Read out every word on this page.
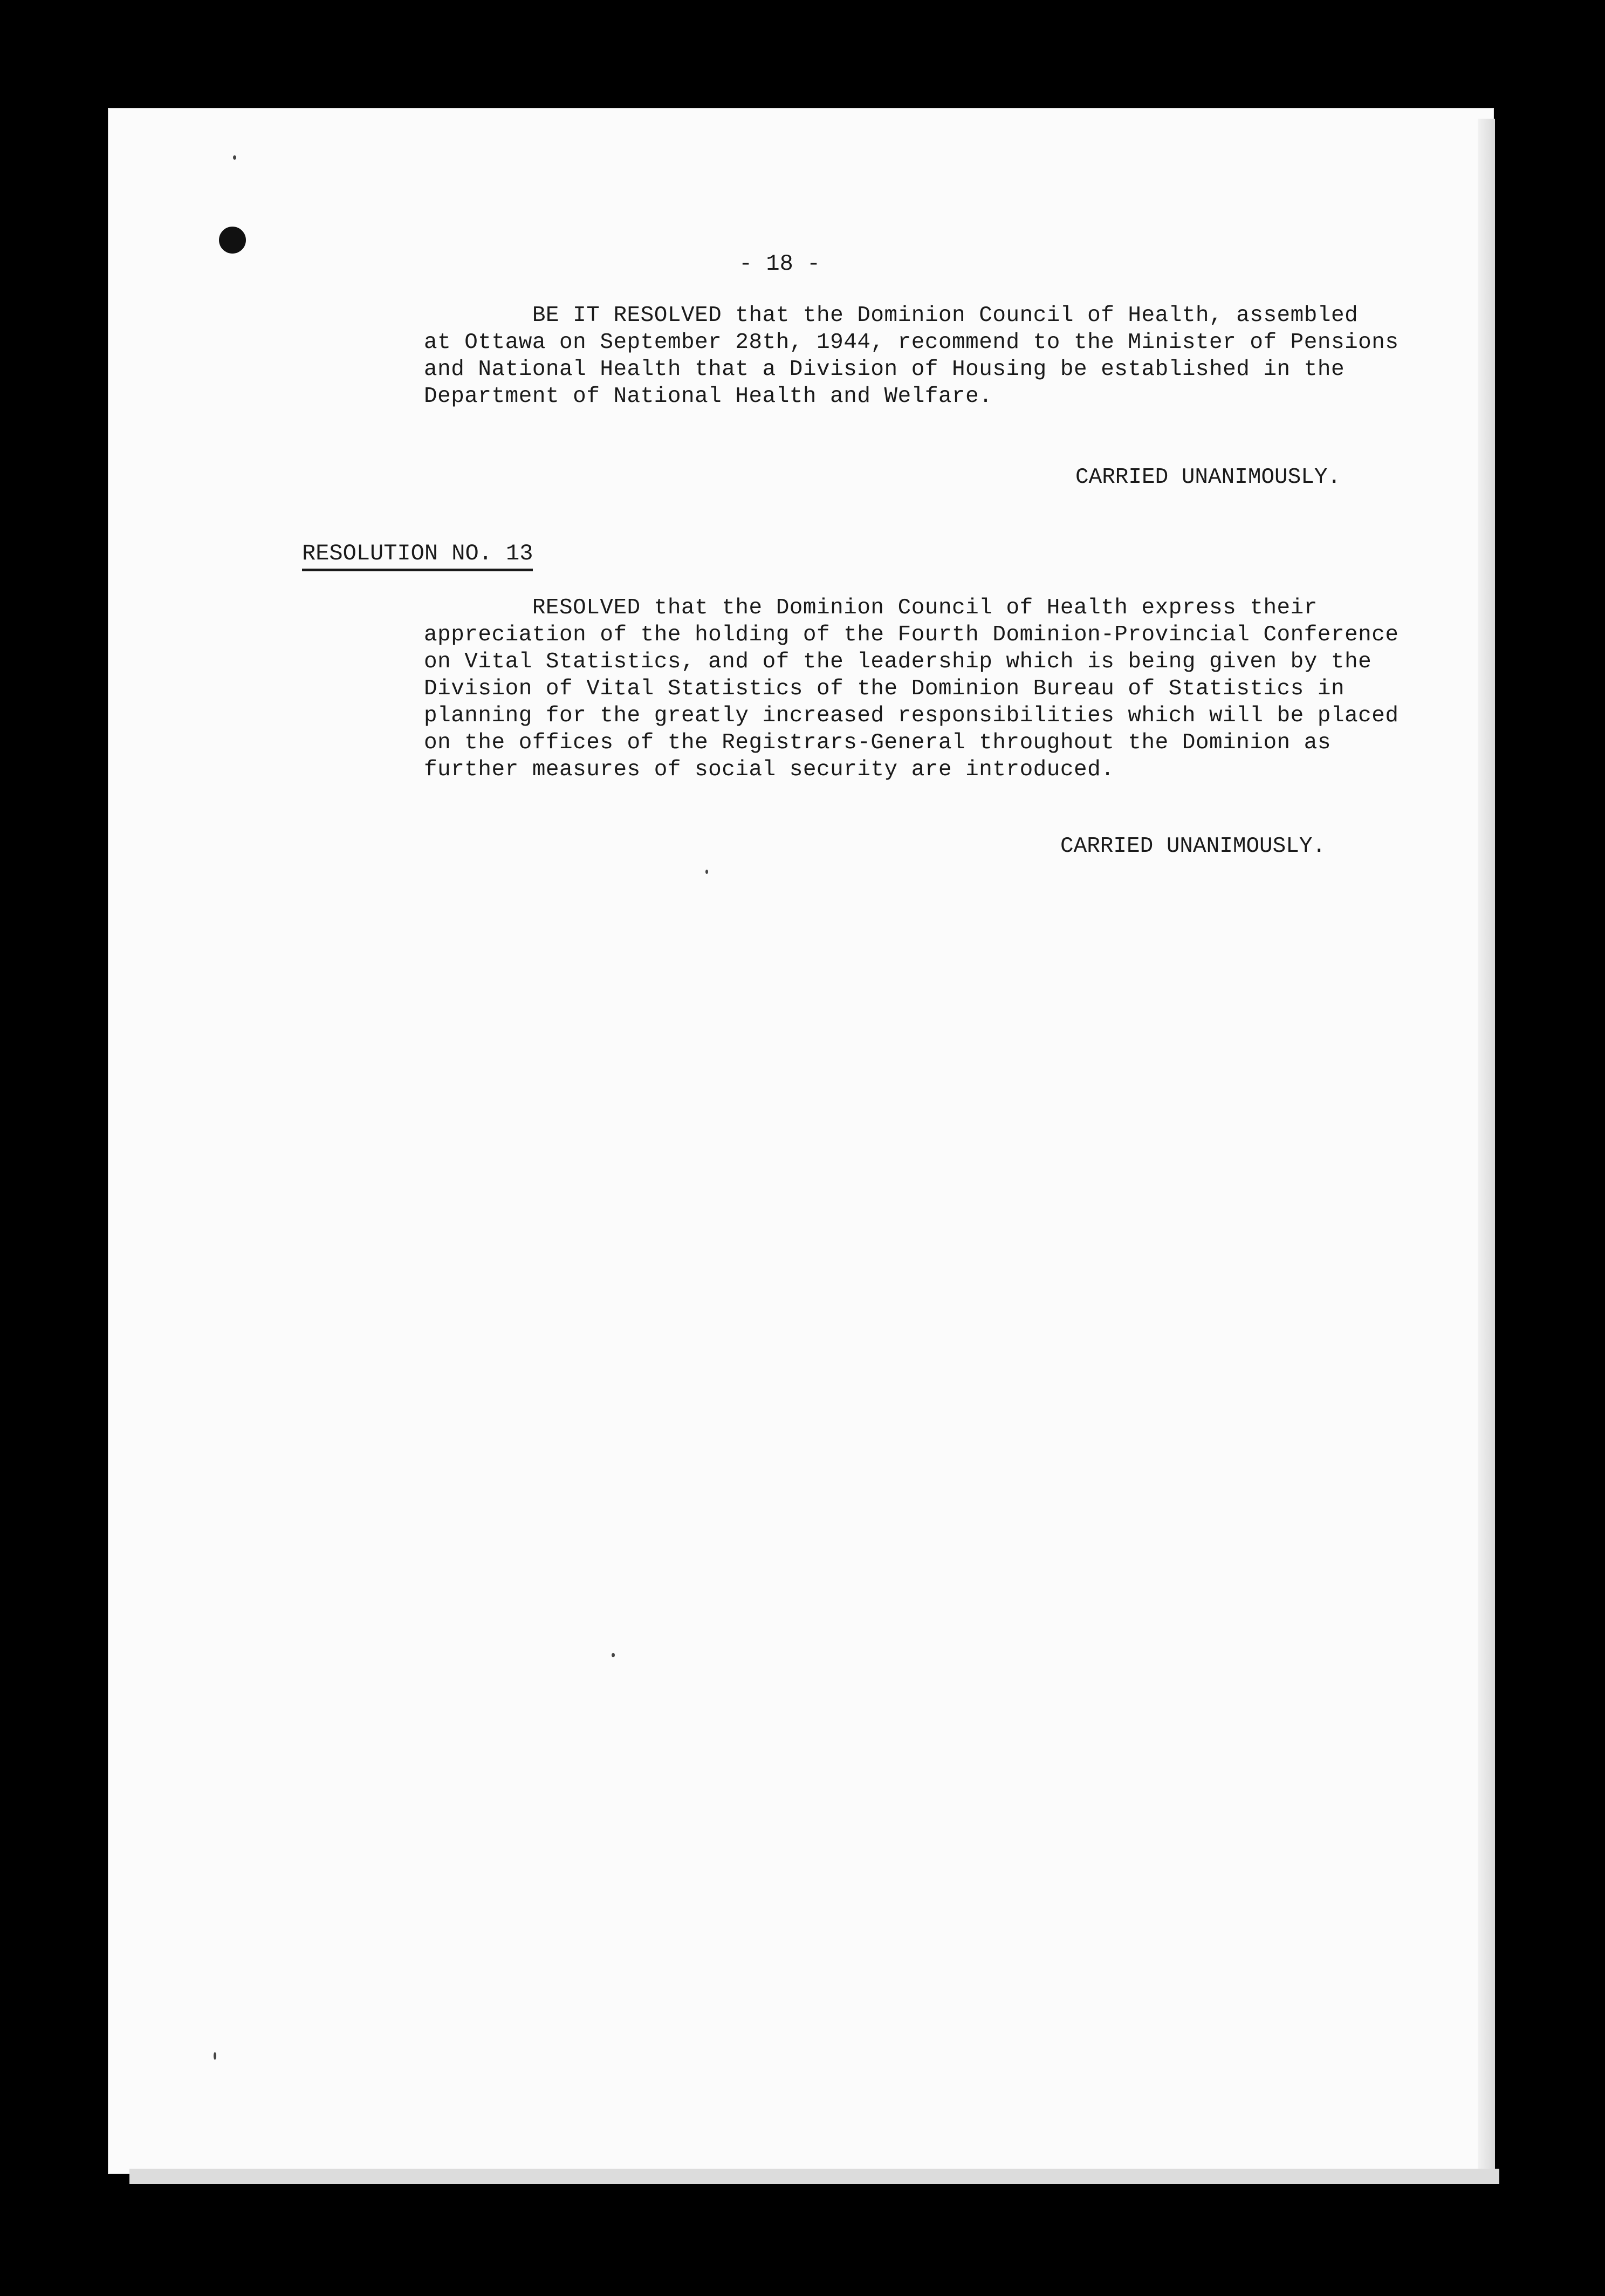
- 18 -
BE IT RESOLVED that the Dominion Council of Health, assembled
at Ottawa on September 28th, 1944, recommend to the Minister of Pensions
and National Health that a Division of Housing be established in the
Department of National Health and Welfare.
CARRIED UNANIMOUSLY.
RESOLUTION NO. 13
RESOLVED that the Dominion Council of Health express their
appreciation of the holding of the Fourth Dominion-Provincial Conference
on Vital Statistics, and of the leadership which is being given by the
Division of Vital Statistics of the Dominion Bureau of Statistics in
planning for the greatly increased responsibilities which will be placed
on the offices of the Registrars-General throughout the Dominion as
further measures of social security are introduced.
CARRIED UNANIMOUSLY.
